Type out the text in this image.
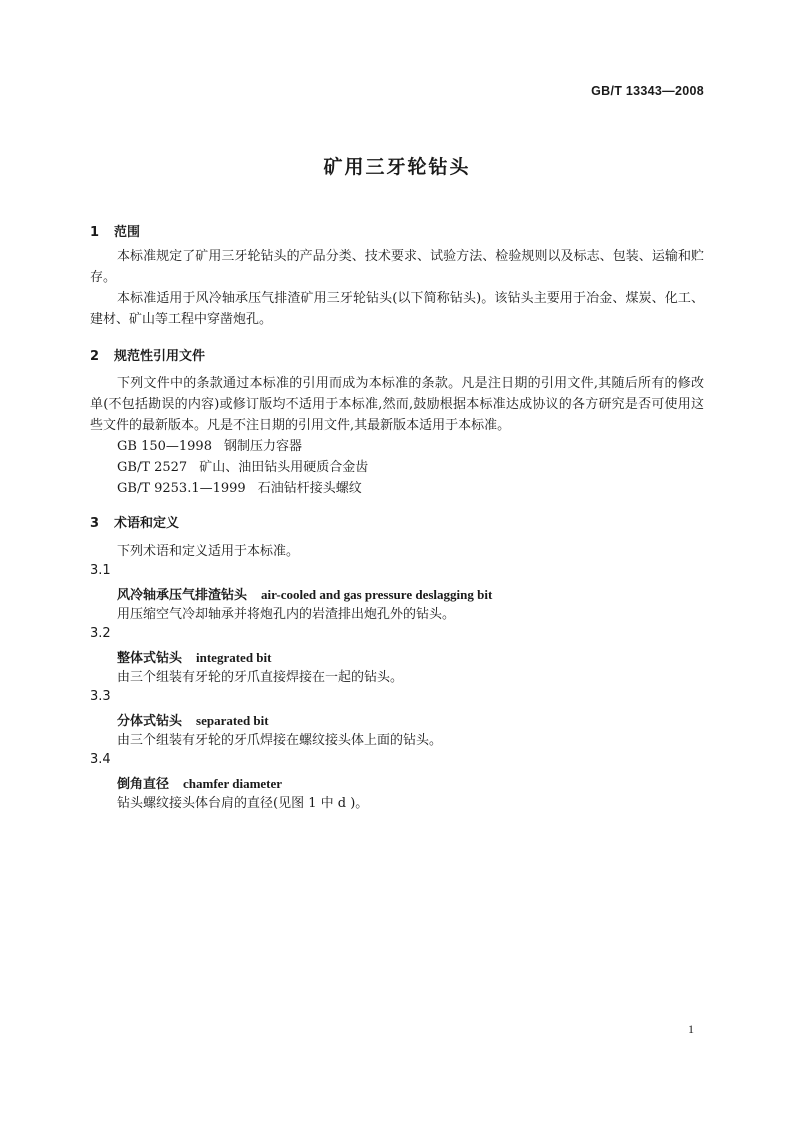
GB/T 13343—2008
矿用三牙轮钻头
1 范围
本标准规定了矿用三牙轮钻头的产品分类、技术要求、试验方法、检验规则以及标志、包装、运输和贮存。
本标准适用于风冷轴承压气排渣矿用三牙轮钻头(以下简称钻头)。该钻头主要用于冶金、煤炭、化工、建材、矿山等工程中穿凿炮孔。
2 规范性引用文件
下列文件中的条款通过本标准的引用而成为本标准的条款。凡是注日期的引用文件,其随后所有的修改单(不包括勘误的内容)或修订版均不适用于本标准,然而,鼓励根据本标准达成协议的各方研究是否可使用这些文件的最新版本。凡是不注日期的引用文件,其最新版本适用于本标准。
GB 150—1998 钢制压力容器
GB/T 2527 矿山、油田钻头用硬质合金齿
GB/T 9253.1—1999 石油钻杆接头螺纹
3 术语和定义
下列术语和定义适用于本标准。
3.1
风冷轴承压气排渣钻头 air-cooled and gas pressure deslagging bit
用压缩空气冷却轴承并将炮孔内的岩渣排出炮孔外的钻头。
3.2
整体式钻头 integrated bit
由三个组装有牙轮的牙爪直接焊接在一起的钻头。
3.3
分体式钻头 separated bit
由三个组装有牙轮的牙爪焊接在螺纹接头体上面的钻头。
3.4
倒角直径 chamfer diameter
钻头螺纹接头体台肩的直径(见图 1 中 d )。
1
